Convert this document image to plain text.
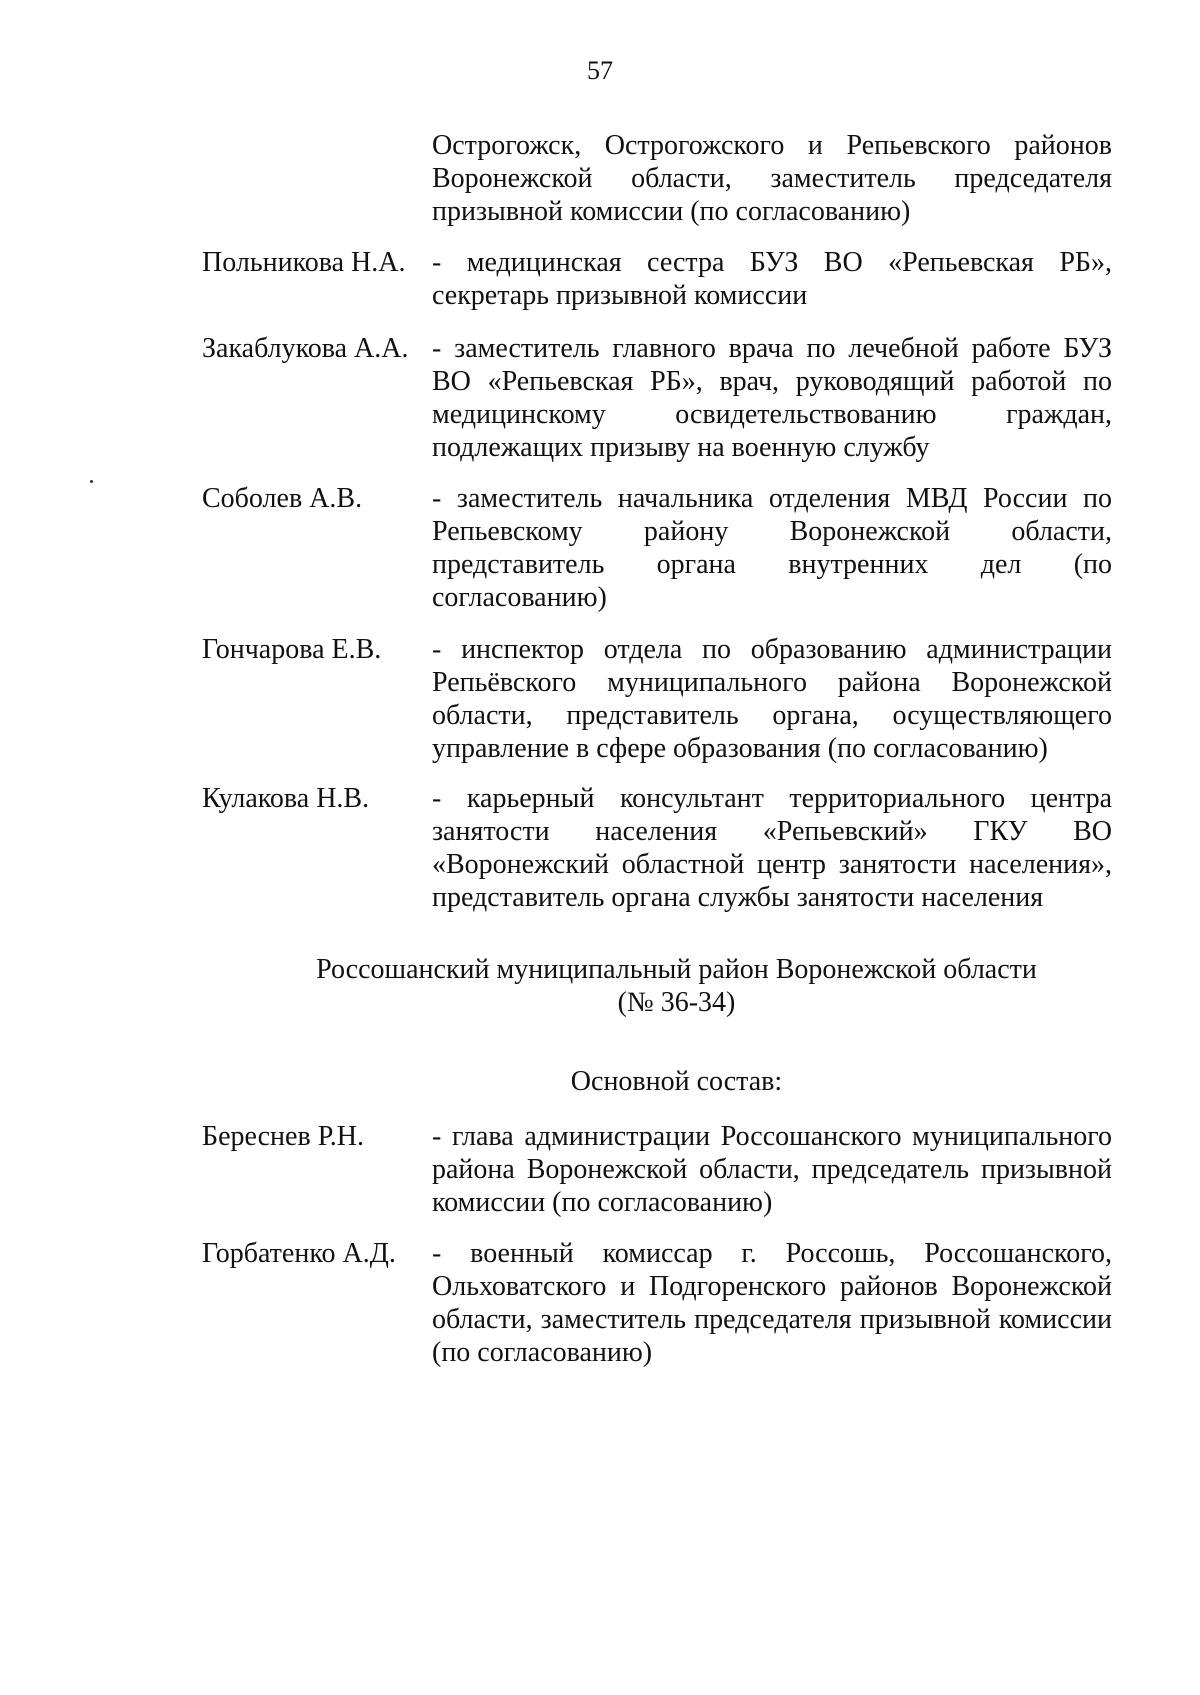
57
Острогожск, Острогожского и Репьевского районов Воронежской области, заместитель председателя призывной комиссии (по согласованию)
Польникова Н.А. - медицинская сестра БУЗ ВО «Репьевская РБ», секретарь призывной комиссии
Закаблукова А.А. - заместитель главного врача по лечебной работе БУЗ ВО «Репьевская РБ», врач, руководящий работой по медицинскому освидетельствованию граждан, подлежащих призыву на военную службу
Соболев А.В.	- заместитель начальника отделения МВД России по Репьевскому району Воронежской области, представитель органа внутренних дел (по согласованию)
Гончарова Е.В.	- инспектор отдела по образованию администрации Репьёвского муниципального района Воронежской области, представитель органа, осуществляющего управление в сфере образования (по согласованию)
Кулакова Н.В.	- карьерный консультант территориального центра занятости населения «Репьевский» ГКУ ВО «Воронежский областной центр занятости населения», представитель органа службы занятости населения
Россошанский муниципальный район Воронежской области
(№ 36-34)
Основной состав:
Береснев Р.Н.	- глава администрации Россошанского муниципального района Воронежской области, председатель призывной комиссии (по согласованию)
Горбатенко А.Д.	- военный комиссар г. Россошь, Россошанского, Ольховатского и Подгоренского районов Воронежской области, заместитель председателя призывной комиссии (по согласованию)
